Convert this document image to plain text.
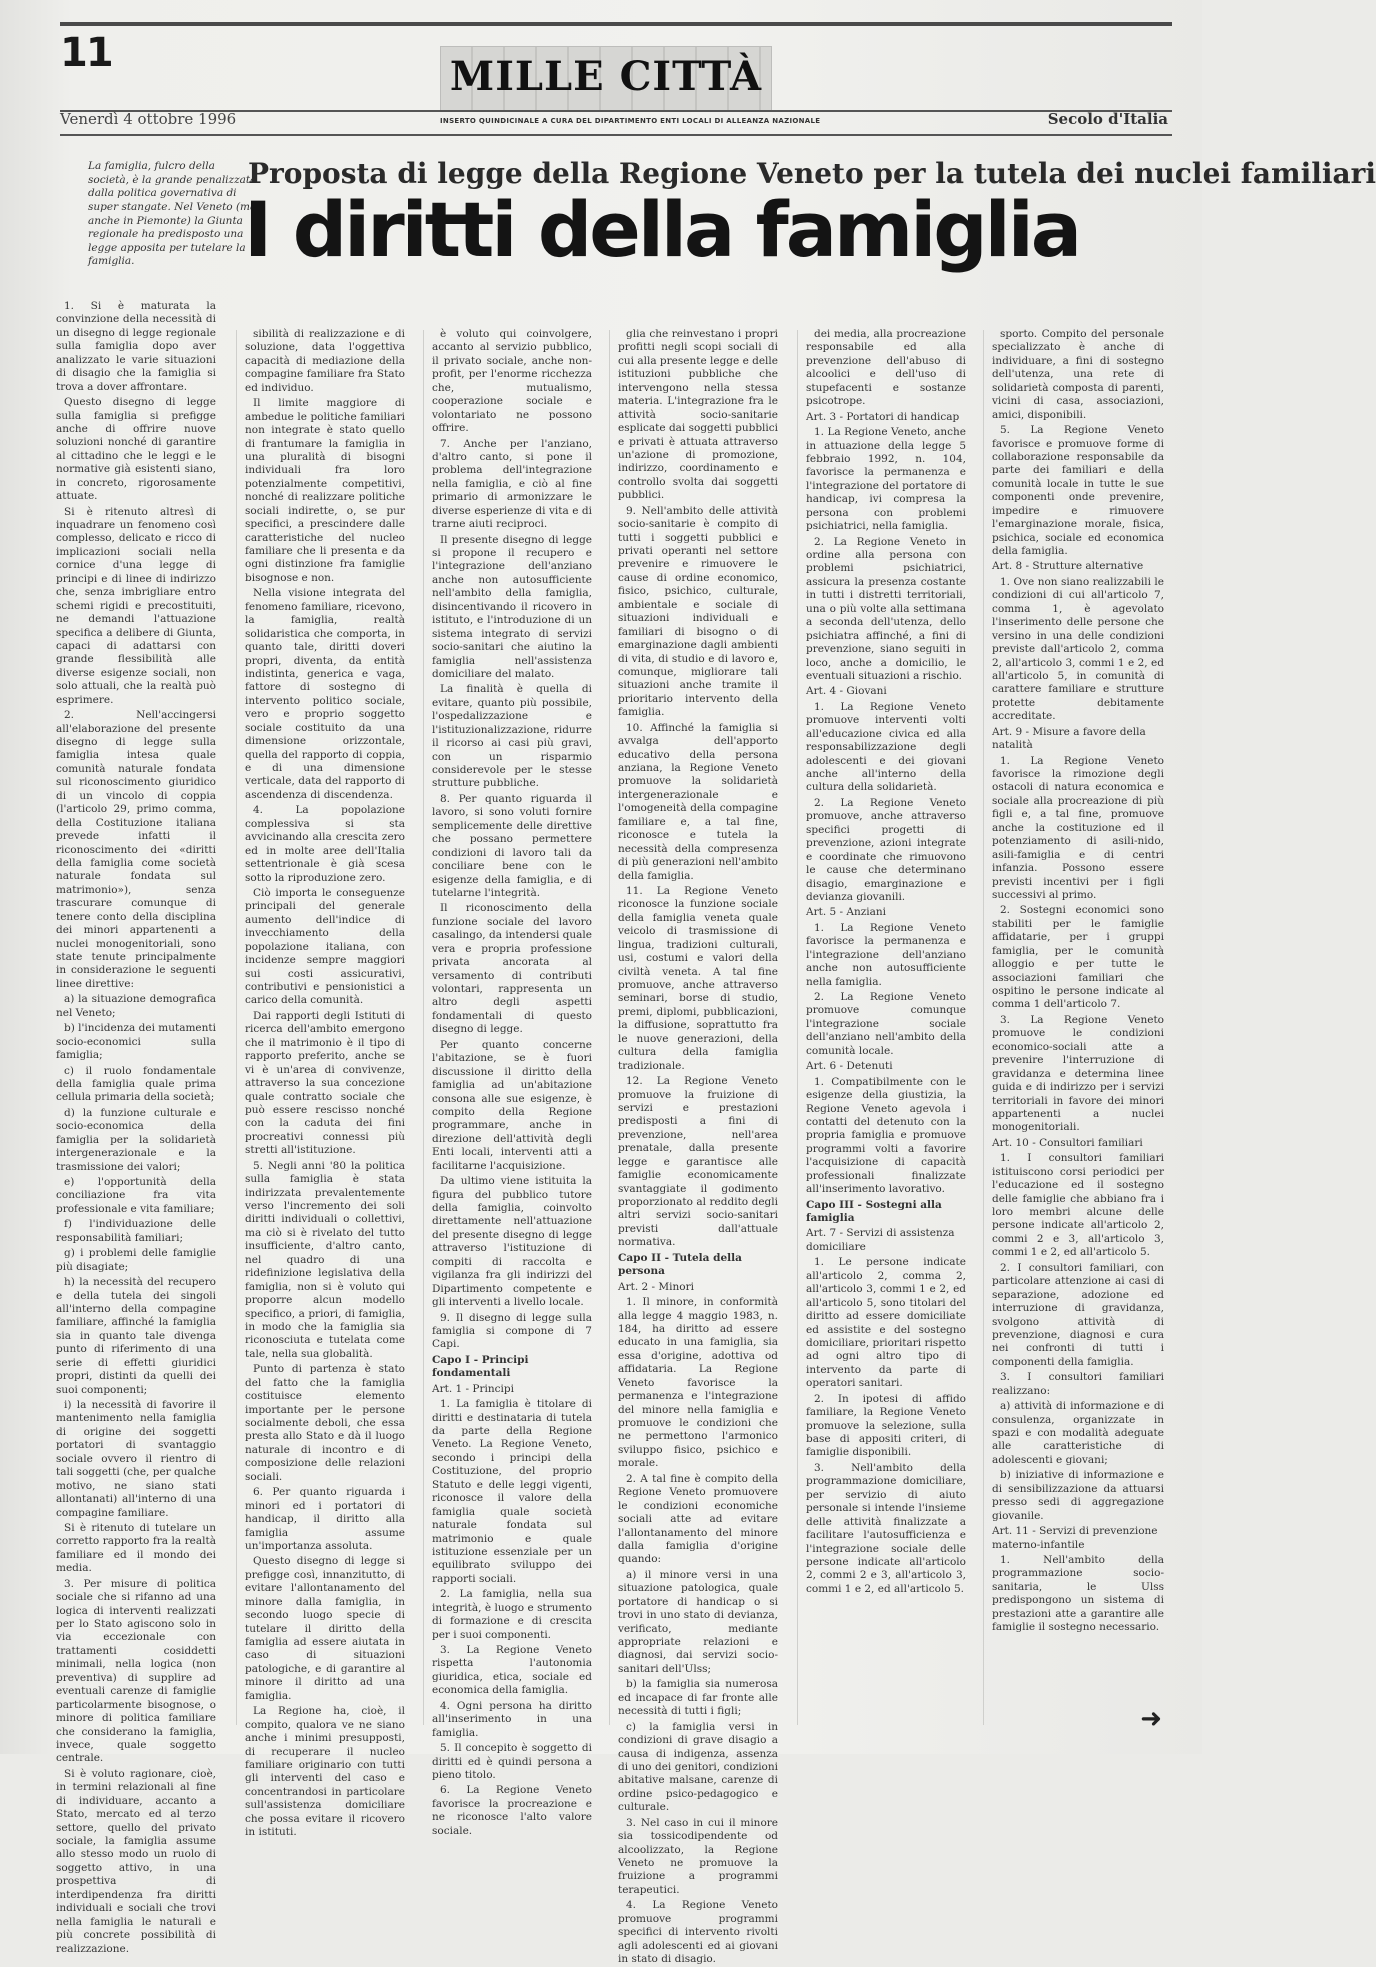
11	MILLE CITTÀ
Venerdì 4 ottobre 1996	INSERTO QUINDICINALE A CURA DEL DIPARTIMENTO ENTI LOCALI DI ALLEANZA NAZIONALE	Secolo d'Italia

La famiglia, fulcro della società, è la grande penalizzata dalla politica governativa di super stangate. Nel Veneto (ma anche in Piemonte) la Giunta regionale ha predisposto una legge apposita per tutelare la famiglia.

Proposta di legge della Regione Veneto per la tutela dei nuclei familiari
I diritti della famiglia

1. Si è maturata la convinzione della necessità di un disegno di legge regionale sulla famiglia dopo aver analizzato le varie situazioni di disagio che la famiglia si trova a dover affrontare.

Questo disegno di legge sulla famiglia si prefigge anche di offrire nuove soluzioni nonché di garantire al cittadino che le leggi e le normative già esistenti siano, in concreto, rigorosamente attuate.

Si è ritenuto altresì di inquadrare un fenomeno così complesso, delicato e ricco di implicazioni sociali nella cornice d'una legge di principi e di linee di indirizzo che, senza imbrigliare entro schemi rigidi e precostituiti, ne demandi l'attuazione specifica a delibere di Giunta, capaci di adattarsi con grande flessibilità alle diverse esigenze sociali, non solo attuali, che la realtà può esprimere.

2. Nell'accingersi all'elaborazione del presente disegno di legge sulla famiglia intesa quale comunità naturale fondata sul riconoscimento giuridico di un vincolo di coppia (l'articolo 29, primo comma, della Costituzione italiana prevede infatti il riconoscimento dei «diritti della famiglia come società naturale fondata sul matrimonio»), senza trascurare comunque di tenere conto della disciplina dei minori appartenenti a nuclei monogenitoriali, sono state tenute principalmente in considerazione le seguenti linee direttive:

a) la situazione demografica nel Veneto;

b) l'incidenza dei mutamenti socio-economici sulla famiglia;

c) il ruolo fondamentale della famiglia quale prima cellula primaria della società;

d) la funzione culturale e socio-economica della famiglia per la solidarietà intergenerazionale e la trasmissione dei valori;

e) l'opportunità della conciliazione fra vita professionale e vita familiare;

f) l'individuazione delle responsabilità familiari;

g) i problemi delle famiglie più disagiate;

h) la necessità del recupero e della tutela dei singoli all'interno della compagine familiare, affinché la famiglia sia in quanto tale divenga punto di riferimento di una serie di effetti giuridici propri, distinti da quelli dei suoi componenti;

i) la necessità di favorire il mantenimento nella famiglia di origine dei soggetti portatori di svantaggio sociale ovvero il rientro di tali soggetti (che, per qualche motivo, ne siano stati allontanati) all'interno di una compagine familiare.

Si è ritenuto di tutelare un corretto rapporto fra la realtà familiare ed il mondo dei media.

3. Per misure di politica sociale che si rifanno ad una logica di interventi realizzati per lo Stato agiscono solo in via eccezionale con trattamenti cosiddetti minimali, nella logica (non preventiva) di supplire ad eventuali carenze di famiglie particolarmente bisognose, o minore di politica familiare che considerano la famiglia, invece, quale soggetto centrale.

Si è voluto ragionare, cioè, in termini relazionali al fine di individuare, accanto a Stato, mercato ed al terzo settore, quello del privato sociale, la famiglia assume allo stesso modo un ruolo di soggetto attivo, in una prospettiva di interdipendenza fra diritti individuali e sociali che trovi nella famiglia le naturali e più concrete possibilità di realizzazione.

sibilità di realizzazione e di soluzione, data l'oggettiva capacità di mediazione della compagine familiare fra Stato ed individuo.

Il limite maggiore di ambedue le politiche familiari non integrate è stato quello di frantumare la famiglia in una pluralità di bisogni individuali fra loro potenzialmente competitivi, nonché di realizzare politiche sociali indirette, o, se pur specifici, a prescindere dalle caratteristiche del nucleo familiare che li presenta e da ogni distinzione fra famiglie bisognose e non.

Nella visione integrata del fenomeno familiare, ricevono, la famiglia, realtà solidaristica che comporta, in quanto tale, diritti doveri propri, diventa, da entità indistinta, generica e vaga, fattore di sostegno di intervento politico sociale, vero e proprio soggetto sociale costituito da una dimensione orizzontale, quella del rapporto di coppia, e di una dimensione verticale, data del rapporto di ascendenza di discendenza.

4. La popolazione complessiva si sta avvicinando alla crescita zero ed in molte aree dell'Italia settentrionale è già scesa sotto la riproduzione zero.

Ciò importa le conseguenze principali del generale aumento dell'indice di invecchiamento della popolazione italiana, con incidenze sempre maggiori sui costi assicurativi, contributivi e pensionistici a carico della comunità.

Dai rapporti degli Istituti di ricerca dell'ambito emergono che il matrimonio è il tipo di rapporto preferito, anche se vi è un'area di convivenze, attraverso la sua concezione quale contratto sociale che può essere rescisso nonché con la caduta dei fini procreativi connessi più stretti all'istituzione.

5. Negli anni '80 la politica sulla famiglia è stata indirizzata prevalentemente verso l'incremento dei soli diritti individuali o collettivi, ma ciò si è rivelato del tutto insufficiente, d'altro canto, nel quadro di una ridefinizione legislativa della famiglia, non si è voluto qui proporre alcun modello specifico, a priori, di famiglia, in modo che la famiglia sia riconosciuta e tutelata come tale, nella sua globalità.

Punto di partenza è stato del fatto che la famiglia costituisce elemento importante per le persone socialmente deboli, che essa presta allo Stato e dà il luogo naturale di incontro e di composizione delle relazioni sociali.

6. Per quanto riguarda i minori ed i portatori di handicap, il diritto alla famiglia assume un'importanza assoluta.

Questo disegno di legge si prefigge così, innanzitutto, di evitare l'allontanamento del minore dalla famiglia, in secondo luogo specie di tutelare il diritto della famiglia ad essere aiutata in caso di situazioni patologiche, e di garantire al minore il diritto ad una famiglia.

La Regione ha, cioè, il compito, qualora ve ne siano anche i minimi presupposti, di recuperare il nucleo familiare originario con tutti gli interventi del caso e concentrandosi in particolare sull'assistenza domiciliare che possa evitare il ricovero in istituti.

è voluto qui coinvolgere, accanto al servizio pubblico, il privato sociale, anche non-profit, per l'enorme ricchezza che, mutualismo, cooperazione sociale e volontariato ne possono offrire.

7. Anche per l'anziano, d'altro canto, si pone il problema dell'integrazione nella famiglia, e ciò al fine primario di armonizzare le diverse esperienze di vita e di trarne aiuti reciproci.

Il presente disegno di legge si propone il recupero e l'integrazione dell'anziano anche non autosufficiente nell'ambito della famiglia, disincentivando il ricovero in istituto, e l'introduzione di un sistema integrato di servizi socio-sanitari che aiutino la famiglia nell'assistenza domiciliare del malato.

La finalità è quella di evitare, quanto più possibile, l'ospedalizzazione e l'istituzionalizzazione, ridurre il ricorso ai casi più gravi, con un risparmio considerevole per le stesse strutture pubbliche.

8. Per quanto riguarda il lavoro, si sono voluti fornire semplicemente delle direttive che possano permettere condizioni di lavoro tali da conciliare bene con le esigenze della famiglia, e di tutelarne l'integrità.

Il riconoscimento della funzione sociale del lavoro casalingo, da intendersi quale vera e propria professione privata ancorata al versamento di contributi volontari, rappresenta un altro degli aspetti fondamentali di questo disegno di legge.

Per quanto concerne l'abitazione, se è fuori discussione il diritto della famiglia ad un'abitazione consona alle sue esigenze, è compito della Regione programmare, anche in direzione dell'attività degli Enti locali, interventi atti a facilitarne l'acquisizione.

Da ultimo viene istituita la figura del pubblico tutore della famiglia, coinvolto direttamente nell'attuazione del presente disegno di legge attraverso l'istituzione di compiti di raccolta e vigilanza fra gli indirizzi del Dipartimento competente e gli interventi a livello locale.

9. Il disegno di legge sulla famiglia si compone di 7 Capi.

Capo I - Principi fondamentali

Art. 1 - Principi

1. La famiglia è titolare di diritti e destinataria di tutela da parte della Regione Veneto. La Regione Veneto, secondo i principi della Costituzione, del proprio Statuto e delle leggi vigenti, riconosce il valore della famiglia quale società naturale fondata sul matrimonio e quale istituzione essenziale per un equilibrato sviluppo dei rapporti sociali.

2. La famiglia, nella sua integrità, è luogo e strumento di formazione e di crescita per i suoi componenti.

3. La Regione Veneto rispetta l'autonomia giuridica, etica, sociale ed economica della famiglia.

4. Ogni persona ha diritto all'inserimento in una famiglia.

5. Il concepito è soggetto di diritti ed è quindi persona a pieno titolo.

6. La Regione Veneto favorisce la procreazione e ne riconosce l'alto valore sociale.

glia che reinvestano i propri profitti negli scopi sociali di cui alla presente legge e delle istituzioni pubbliche che intervengono nella stessa materia. L'integrazione fra le attività socio-sanitarie esplicate dai soggetti pubblici e privati è attuata attraverso un'azione di promozione, indirizzo, coordinamento e controllo svolta dai soggetti pubblici.

9. Nell'ambito delle attività socio-sanitarie è compito di tutti i soggetti pubblici e privati operanti nel settore prevenire e rimuovere le cause di ordine economico, fisico, psichico, culturale, ambientale e sociale di situazioni individuali e familiari di bisogno o di emarginazione dagli ambienti di vita, di studio e di lavoro e, comunque, migliorare tali situazioni anche tramite il prioritario intervento della famiglia.

10. Affinché la famiglia si avvalga dell'apporto educativo della persona anziana, la Regione Veneto promuove la solidarietà intergenerazionale e l'omogeneità della compagine familiare e, a tal fine, riconosce e tutela la necessità della compresenza di più generazioni nell'ambito della famiglia.

11. La Regione Veneto riconosce la funzione sociale della famiglia veneta quale veicolo di trasmissione di lingua, tradizioni culturali, usi, costumi e valori della civiltà veneta. A tal fine promuove, anche attraverso seminari, borse di studio, premi, diplomi, pubblicazioni, la diffusione, soprattutto fra le nuove generazioni, della cultura della famiglia tradizionale.

12. La Regione Veneto promuove la fruizione di servizi e prestazioni predisposti a fini di prevenzione, nell'area prenatale, dalla presente legge e garantisce alle famiglie economicamente svantaggiate il godimento proporzionato al reddito degli altri servizi socio-sanitari previsti dall'attuale normativa.

Capo II - Tutela della persona

Art. 2 - Minori

1. Il minore, in conformità alla legge 4 maggio 1983, n. 184, ha diritto ad essere educato in una famiglia, sia essa d'origine, adottiva od affidataria. La Regione Veneto favorisce la permanenza e l'integrazione del minore nella famiglia e promuove le condizioni che ne permettono l'armonico sviluppo fisico, psichico e morale.

2. A tal fine è compito della Regione Veneto promuovere le condizioni economiche sociali atte ad evitare l'allontanamento del minore dalla famiglia d'origine quando:

a) il minore versi in una situazione patologica, quale portatore di handicap o si trovi in uno stato di devianza, verificato, mediante appropriate relazioni e diagnosi, dai servizi socio-sanitari dell'Ulss;

b) la famiglia sia numerosa ed incapace di far fronte alle necessità di tutti i figli;

c) la famiglia versi in condizioni di grave disagio a causa di indigenza, assenza di uno dei genitori, condizioni abitative malsane, carenze di ordine psico-pedagogico e culturale.

3. Nel caso in cui il minore sia tossicodipendente od alcoolizzato, la Regione Veneto ne promuove la fruizione a programmi terapeutici.

4. La Regione Veneto promuove programmi specifici di intervento rivolti agli adolescenti ed ai giovani in stato di disagio.

dei media, alla procreazione responsabile ed alla prevenzione dell'abuso di alcoolici e dell'uso di stupefacenti e sostanze psicotrope.

Art. 3 - Portatori di handicap

1. La Regione Veneto, anche in attuazione della legge 5 febbraio 1992, n. 104, favorisce la permanenza e l'integrazione del portatore di handicap, ivi compresa la persona con problemi psichiatrici, nella famiglia.

2. La Regione Veneto in ordine alla persona con problemi psichiatrici, assicura la presenza costante in tutti i distretti territoriali, una o più volte alla settimana a seconda dell'utenza, dello psichiatra affinché, a fini di prevenzione, siano seguiti in loco, anche a domicilio, le eventuali situazioni a rischio.

Art. 4 - Giovani

1. La Regione Veneto promuove interventi volti all'educazione civica ed alla responsabilizzazione degli adolescenti e dei giovani anche all'interno della cultura della solidarietà.

2. La Regione Veneto promuove, anche attraverso specifici progetti di prevenzione, azioni integrate e coordinate che rimuovono le cause che determinano disagio, emarginazione e devianza giovanili.

Art. 5 - Anziani

1. La Regione Veneto favorisce la permanenza e l'integrazione dell'anziano anche non autosufficiente nella famiglia.

2. La Regione Veneto promuove comunque l'integrazione sociale dell'anziano nell'ambito della comunità locale.

Art. 6 - Detenuti

1. Compatibilmente con le esigenze della giustizia, la Regione Veneto agevola i contatti del detenuto con la propria famiglia e promuove programmi volti a favorire l'acquisizione di capacità professionali finalizzate all'inserimento lavorativo.

Capo III - Sostegni alla famiglia

Art. 7 - Servizi di assistenza domiciliare

1. Le persone indicate all'articolo 2, comma 2, all'articolo 3, commi 1 e 2, ed all'articolo 5, sono titolari del diritto ad essere domiciliate ed assistite e del sostegno domiciliare, prioritari rispetto ad ogni altro tipo di intervento da parte di operatori sanitari.

2. In ipotesi di affido familiare, la Regione Veneto promuove la selezione, sulla base di appositi criteri, di famiglie disponibili.

3. Nell'ambito della programmazione domiciliare, per servizio di aiuto personale si intende l'insieme delle attività finalizzate a facilitare l'autosufficienza e l'integrazione sociale delle persone indicate all'articolo 2, commi 2 e 3, all'articolo 3, commi 1 e 2, ed all'articolo 5.

sporto. Compito del personale specializzato è anche di individuare, a fini di sostegno dell'utenza, una rete di solidarietà composta di parenti, vicini di casa, associazioni, amici, disponibili.

5. La Regione Veneto favorisce e promuove forme di collaborazione responsabile da parte dei familiari e della comunità locale in tutte le sue componenti onde prevenire, impedire e rimuovere l'emarginazione morale, fisica, psichica, sociale ed economica della famiglia.

Art. 8 - Strutture alternative

1. Ove non siano realizzabili le condizioni di cui all'articolo 7, comma 1, è agevolato l'inserimento delle persone che versino in una delle condizioni previste dall'articolo 2, comma 2, all'articolo 3, commi 1 e 2, ed all'articolo 5, in comunità di carattere familiare e strutture protette debitamente accreditate.

Art. 9 - Misure a favore della natalità

1. La Regione Veneto favorisce la rimozione degli ostacoli di natura economica e sociale alla procreazione di più figli e, a tal fine, promuove anche la costituzione ed il potenziamento di asili-nido, asili-famiglia e di centri infanzia. Possono essere previsti incentivi per i figli successivi al primo.

2. Sostegni economici sono stabiliti per le famiglie affidatarie, per i gruppi famiglia, per le comunità alloggio e per tutte le associazioni familiari che ospitino le persone indicate al comma 1 dell'articolo 7.

3. La Regione Veneto promuove le condizioni economico-sociali atte a prevenire l'interruzione di gravidanza e determina linee guida e di indirizzo per i servizi territoriali in favore dei minori appartenenti a nuclei monogenitoriali.

Art. 10 - Consultori familiari

1. I consultori familiari istituiscono corsi periodici per l'educazione ed il sostegno delle famiglie che abbiano fra i loro membri alcune delle persone indicate all'articolo 2, commi 2 e 3, all'articolo 3, commi 1 e 2, ed all'articolo 5.

2. I consultori familiari, con particolare attenzione ai casi di separazione, adozione ed interruzione di gravidanza, svolgono attività di prevenzione, diagnosi e cura nei confronti di tutti i componenti della famiglia.

3. I consultori familiari realizzano:

a) attività di informazione e di consulenza, organizzate in spazi e con modalità adeguate alle caratteristiche di adolescenti e giovani;

b) iniziative di informazione e di sensibilizzazione da attuarsi presso sedi di aggregazione giovanile.

Art. 11 - Servizi di prevenzione materno-infantile

1. Nell'ambito della programmazione socio-sanitaria, le Ulss predispongono un sistema di prestazioni atte a garantire alle famiglie il sostegno necessario.

➜
